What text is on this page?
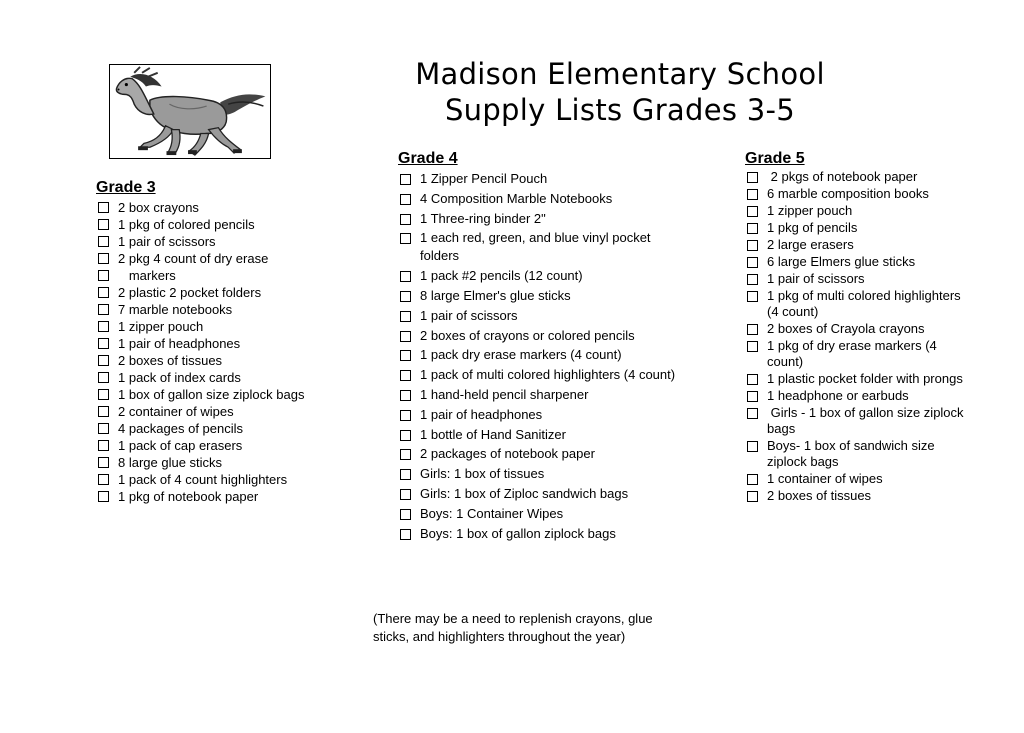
Madison Elementary School
Supply Lists Grades 3-5
Grade 3
2 box crayons
1 pkg of colored pencils
1 pair of scissors
2 pkg 4 count of dry erase
markers
2 plastic 2 pocket folders
7 marble notebooks
1 zipper pouch
1 pair of headphones
2 boxes of tissues
1 pack of index cards
1 box of gallon size ziplock bags
2 container of wipes
4 packages of pencils
1 pack of cap erasers
8 large glue sticks
1 pack of 4 count highlighters
1 pkg of notebook paper
Grade 4
1 Zipper Pencil Pouch
4 Composition Marble Notebooks
1 Three-ring binder 2"
1 each red, green, and blue vinyl pocket folders
1 pack #2 pencils (12 count)
8 large Elmer's glue sticks
1 pair of scissors
2 boxes of crayons or colored pencils
1 pack dry erase markers (4 count)
1 pack of multi colored highlighters (4 count)
1 hand-held pencil sharpener
1 pair of headphones
1 bottle of Hand Sanitizer
2 packages of notebook paper
Girls: 1 box of tissues
Girls: 1 box of Ziploc sandwich bags
Boys: 1 Container Wipes
Boys: 1 box of gallon ziplock bags
Grade 5
2 pkgs of notebook paper
6 marble composition books
1 zipper pouch
1 pkg of pencils
2 large erasers
6 large Elmers glue sticks
1 pair of scissors
1 pkg of multi colored highlighters (4 count)
2 boxes of Crayola crayons
1 pkg of dry erase markers (4 count)
1 plastic pocket folder with prongs
1 headphone or earbuds
Girls - 1 box of gallon size ziplock bags
Boys- 1 box of sandwich size ziplock bags
1 container of wipes
2 boxes of tissues
(There may be a need to replenish crayons, glue sticks, and highlighters throughout the year)
